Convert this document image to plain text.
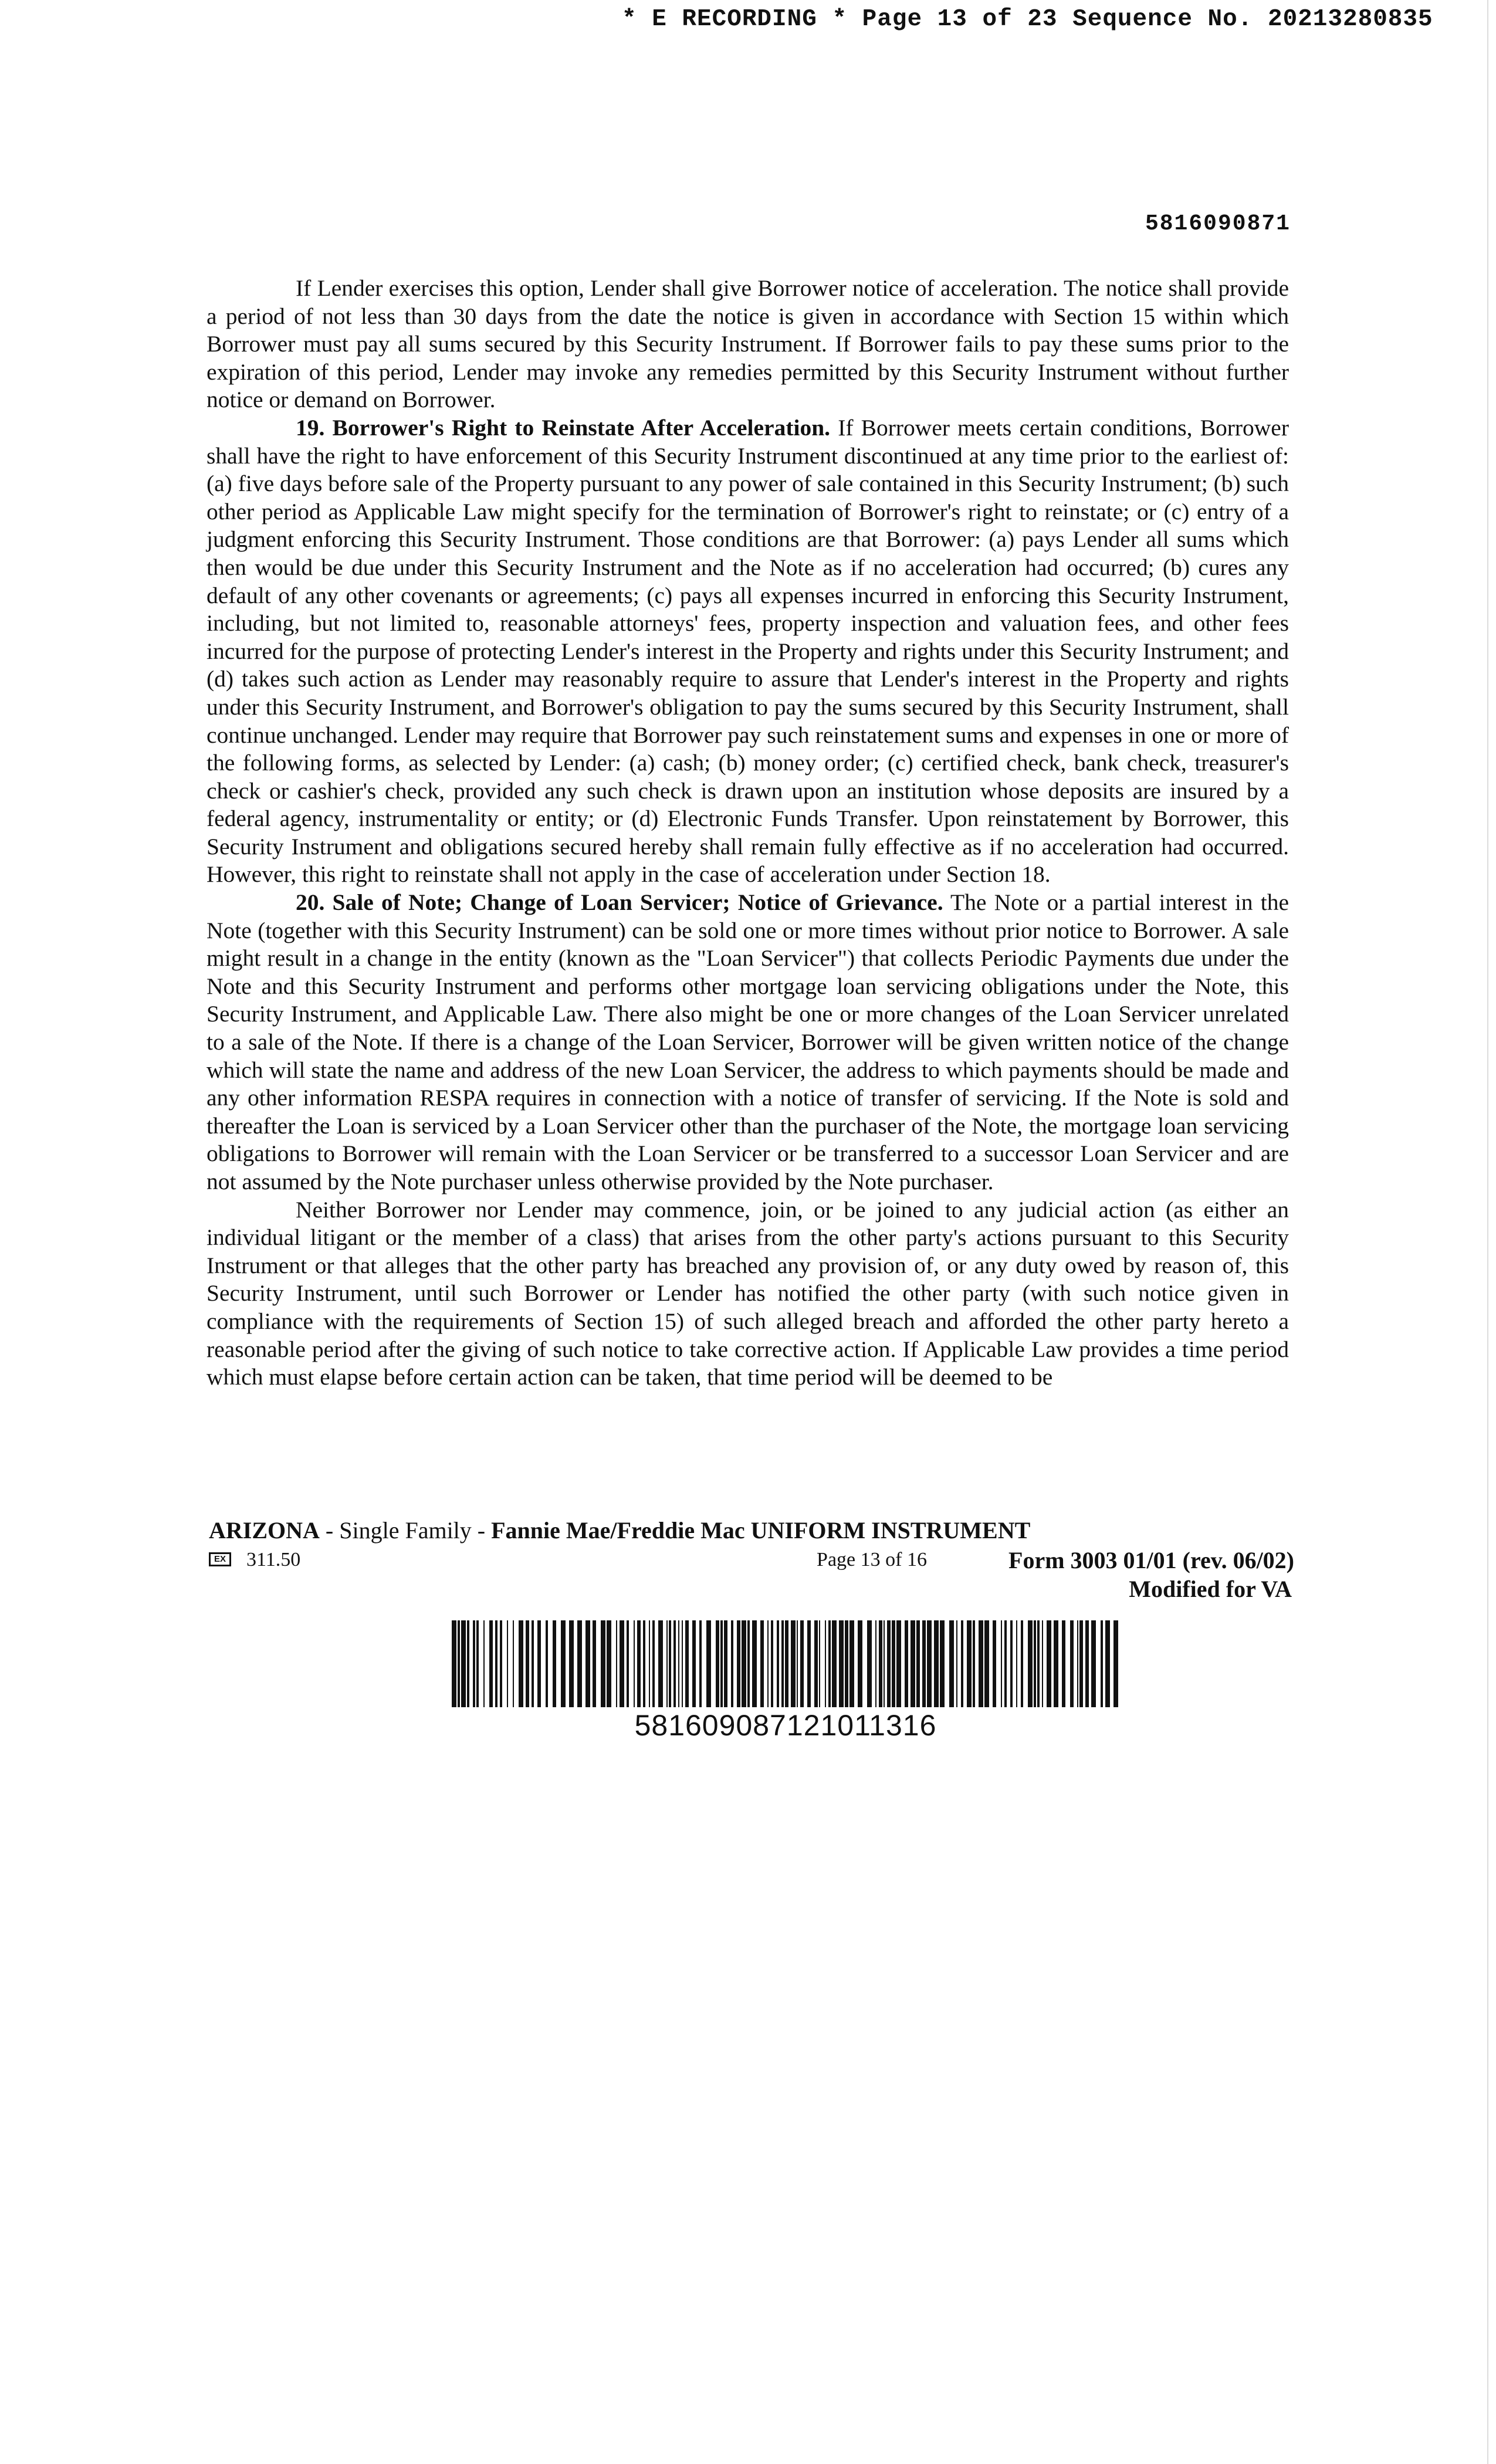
* E RECORDING * Page 13 of 23 Sequence No. 20213280835
5816090871

If Lender exercises this option, Lender shall give Borrower notice of acceleration. The notice shall provide a period of not less than 30 days from the date the notice is given in accordance with Section 15 within which Borrower must pay all sums secured by this Security Instrument. If Borrower fails to pay these sums prior to the expiration of this period, Lender may invoke any remedies permitted by this Security Instrument without further notice or demand on Borrower.

19. Borrower's Right to Reinstate After Acceleration. If Borrower meets certain conditions, Borrower shall have the right to have enforcement of this Security Instrument discontinued at any time prior to the earliest of: (a) five days before sale of the Property pursuant to any power of sale contained in this Security Instrument; (b) such other period as Applicable Law might specify for the termination of Borrower's right to reinstate; or (c) entry of a judgment enforcing this Security Instrument. Those conditions are that Borrower: (a) pays Lender all sums which then would be due under this Security Instrument and the Note as if no acceleration had occurred; (b) cures any default of any other covenants or agreements; (c) pays all expenses incurred in enforcing this Security Instrument, including, but not limited to, reasonable attorneys' fees, property inspection and valuation fees, and other fees incurred for the purpose of protecting Lender's interest in the Property and rights under this Security Instrument; and (d) takes such action as Lender may reasonably require to assure that Lender's interest in the Property and rights under this Security Instrument, and Borrower's obligation to pay the sums secured by this Security Instrument, shall continue unchanged. Lender may require that Borrower pay such reinstatement sums and expenses in one or more of the following forms, as selected by Lender: (a) cash; (b) money order; (c) certified check, bank check, treasurer's check or cashier's check, provided any such check is drawn upon an institution whose deposits are insured by a federal agency, instrumentality or entity; or (d) Electronic Funds Transfer. Upon reinstatement by Borrower, this Security Instrument and obligations secured hereby shall remain fully effective as if no acceleration had occurred. However, this right to reinstate shall not apply in the case of acceleration under Section 18.

20. Sale of Note; Change of Loan Servicer; Notice of Grievance. The Note or a partial interest in the Note (together with this Security Instrument) can be sold one or more times without prior notice to Borrower. A sale might result in a change in the entity (known as the "Loan Servicer") that collects Periodic Payments due under the Note and this Security Instrument and performs other mortgage loan servicing obligations under the Note, this Security Instrument, and Applicable Law. There also might be one or more changes of the Loan Servicer unrelated to a sale of the Note. If there is a change of the Loan Servicer, Borrower will be given written notice of the change which will state the name and address of the new Loan Servicer, the address to which payments should be made and any other information RESPA requires in connection with a notice of transfer of servicing. If the Note is sold and thereafter the Loan is serviced by a Loan Servicer other than the purchaser of the Note, the mortgage loan servicing obligations to Borrower will remain with the Loan Servicer or be transferred to a successor Loan Servicer and are not assumed by the Note purchaser unless otherwise provided by the Note purchaser.

Neither Borrower nor Lender may commence, join, or be joined to any judicial action (as either an individual litigant or the member of a class) that arises from the other party's actions pursuant to this Security Instrument or that alleges that the other party has breached any provision of, or any duty owed by reason of, this Security Instrument, until such Borrower or Lender has notified the other party (with such notice given in compliance with the requirements of Section 15) of such alleged breach and afforded the other party hereto a reasonable period after the giving of such notice to take corrective action. If Applicable Law provides a time period which must elapse before certain action can be taken, that time period will be deemed to be

ARIZONA - Single Family - Fannie Mae/Freddie Mac UNIFORM INSTRUMENT
EX 311.50	Page 13 of 16	Form 3003 01/01 (rev. 06/02)
Modified for VA
581609087121011316
